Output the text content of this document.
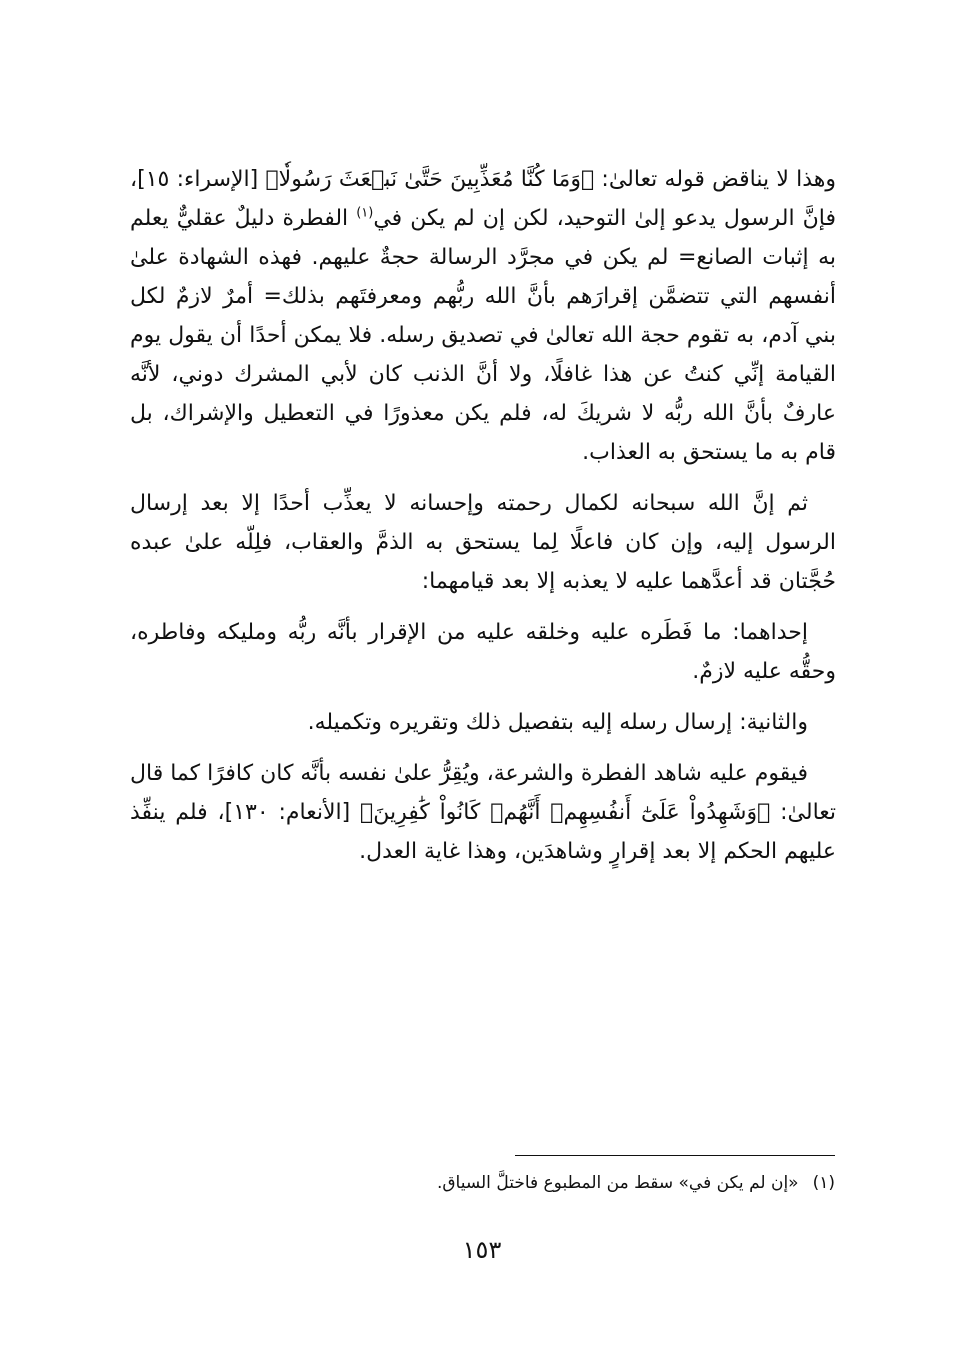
وهذا لا يناقض قوله تعالىٰ: ﴿وَمَا كُنَّا مُعَذِّبِينَ حَتَّىٰ نَبۡعَثَ رَسُولٗا﴾ [الإسراء: ١٥]، فإنَّ الرسول يدعو إلىٰ التوحيد، لكن إن لم يكن في$^{(١)}$ الفطرة دليلٌ عقليٌّ يعلم به إثبات الصانع= لم يكن في مجرَّد الرسالة حجةٌ عليهم. فهذه الشهادة علىٰ أنفسهم التي تتضمَّن إقرارَهم بأنَّ الله ربُّهم ومعرفتَهم بذلك= أمرٌ لازمٌ لكل بني آدم، به تقوم حجة الله تعالىٰ في تصديق رسله. فلا يمكن أحدًا أن يقول يوم القيامة إنِّي كنتُ عن هذا غافلًا، ولا أنَّ الذنب كان لأبي المشرك دوني، لأنَّه عارفٌ بأنَّ الله ربُّه لا شريكَ له، فلم يكن معذورًا في التعطيل والإشراك، بل قام به ما يستحق به العذاب.

ثم إنَّ الله سبحانه لكمال رحمته وإحسانه لا يعذِّب أحدًا إلا بعد إرسال الرسول إليه، وإن كان فاعلًا لِما يستحق به الذمَّ والعقاب، فلِلّه علىٰ عبده حُجَّتان قد أعدَّهما عليه لا يعذبه إلا بعد قيامهما:

إحداهما: ما فَطَره عليه وخلقه عليه من الإقرار بأنَّه ربُّه ومليكه وفاطره، وحقُّه عليه لازمٌ.

والثانية: إرسال رسله إليه بتفصيل ذلك وتقريره وتكميله.

فيقوم عليه شاهد الفطرة والشرعة، ويُقِرُّ علىٰ نفسه بأنَّه كان كافرًا كما قال تعالىٰ: ﴿وَشَهِدُواْ عَلَىٰٓ أَنفُسِهِمۡ أَنَّهُمۡ كَانُواْ كَٰفِرِينَ﴾ [الأنعام: ١٣٠]، فلم ينفِّذ عليهم الحكم إلا بعد إقرارٍ وشاهدَين، وهذا غاية العدل.

(١)«إن لم يكن في» سقط من المطبوع فاختلَّ السياق.
١٥٣
